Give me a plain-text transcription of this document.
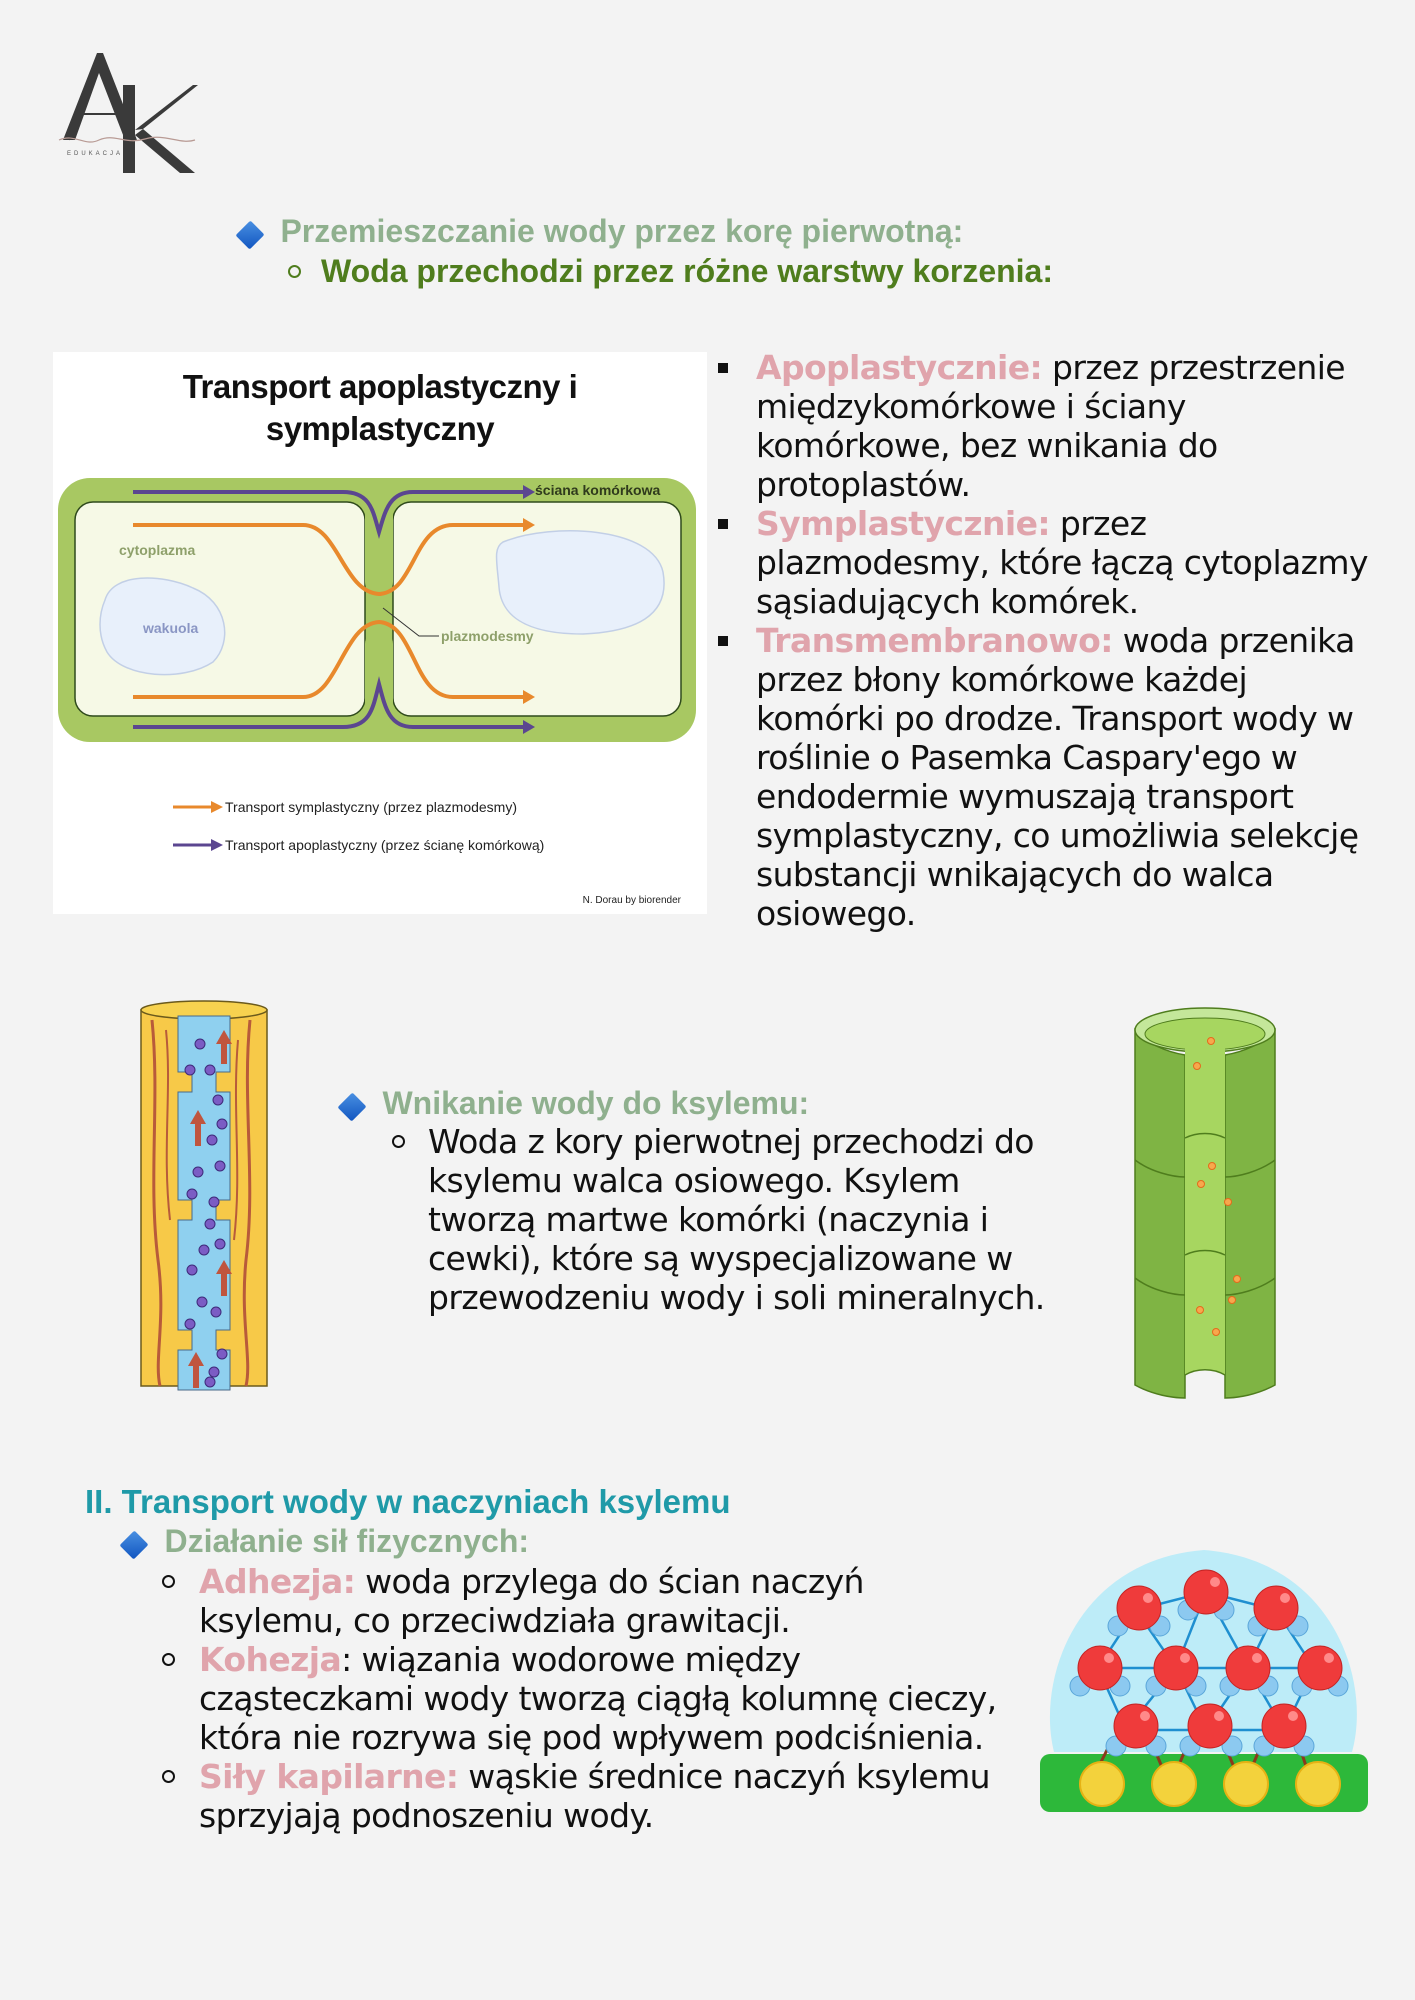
EDUKACJA
Przemieszczanie wody przez korę pierwotną:
Woda przechodzi przez różne warstwy korzenia:
Transport apoplastyczny i
symplastyczny
ściana komórkowa
cytoplazma
wakuola	plazmodesmy
Transport symplastyczny (przez plazmodesmy)
Transport apoplastyczny (przez ścianę komórkową)
N. Dorau by biorender
Apoplastycznie: przez przestrzenie międzykomórkowe i ściany komórkowe, bez wnikania do protoplastów.
Symplastycznie: przez plazmodesmy, które łączą cytoplazmy sąsiadujących komórek.
Transmembranowo: woda przenika przez błony komórkowe każdej komórki po drodze. Transport wody w roślinie o Pasemka Caspary'ego w endodermie wymuszają transport symplastyczny, co umożliwia selekcję substancji wnikających do walca osiowego.
Wnikanie wody do ksylemu:
Woda z kory pierwotnej przechodzi do ksylemu walca osiowego. Ksylem tworzą martwe komórki (naczynia i cewki), które są wyspecjalizowane w przewodzeniu wody i soli mineralnych.
II. Transport wody w naczyniach ksylemu
Działanie sił fizycznych:
Adhezja: woda przylega do ścian naczyń ksylemu, co przeciwdziała grawitacji.
Kohezja: wiązania wodorowe między cząsteczkami wody tworzą ciągłą kolumnę cieczy, która nie rozrywa się pod wpływem podciśnienia.
Siły kapilarne: wąskie średnice naczyń ksylemu sprzyjają podnoszeniu wody.
